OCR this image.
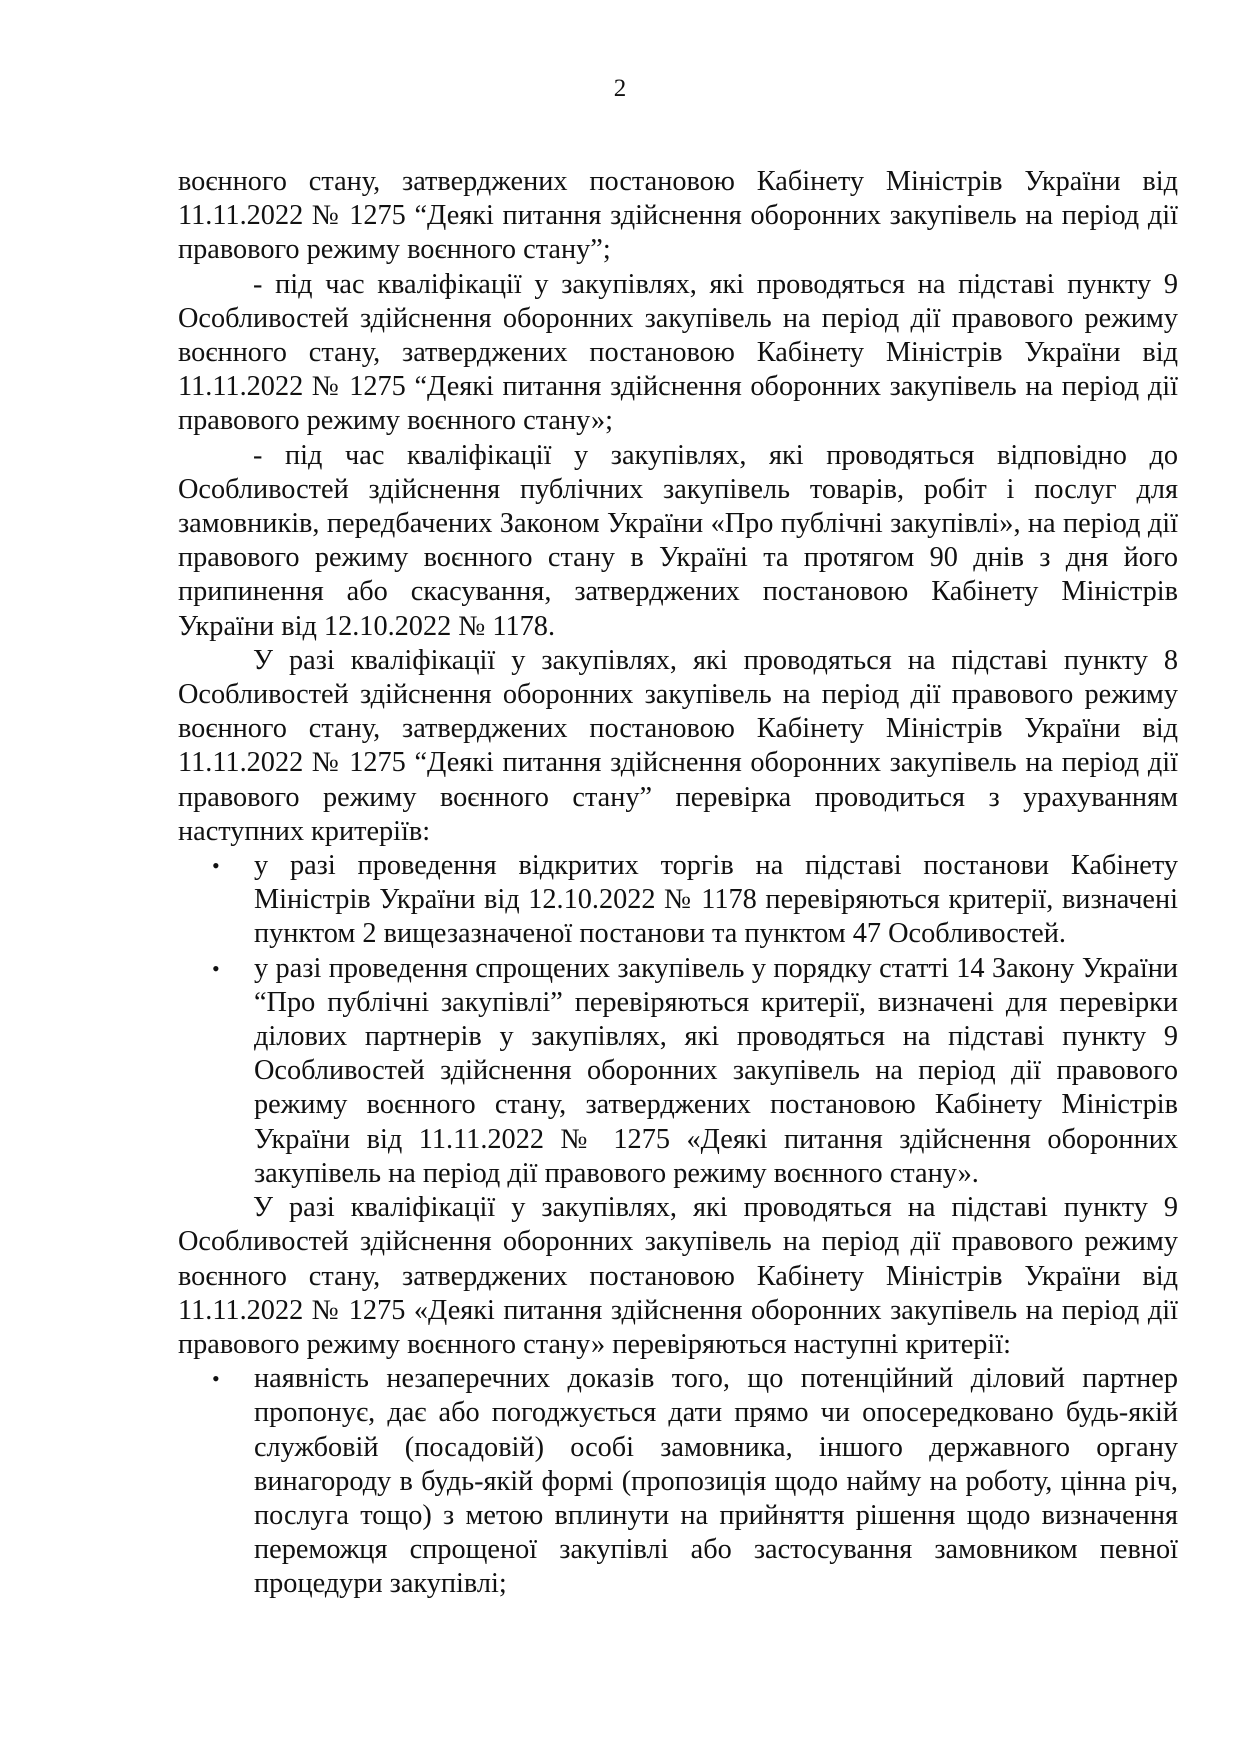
2

воєнного стану, затверджених постановою Кабінету Міністрів України від 11.11.2022 № 1275 “Деякі питання здійснення оборонних закупівель на період дії правового режиму воєнного стану”;

- під час кваліфікації у закупівлях, які проводяться на підставі пункту 9 Особливостей здійснення оборонних закупівель на період дії правового режиму воєнного стану, затверджених постановою Кабінету Міністрів України від 11.11.2022 № 1275 “Деякі питання здійснення оборонних закупівель на період дії правового режиму воєнного стану»;

- під час кваліфікації у закупівлях, які проводяться відповідно до Особливостей здійснення публічних закупівель товарів, робіт і послуг для замовників, передбачених Законом України «Про публічні закупівлі», на період дії правового режиму воєнного стану в Україні та протягом 90 днів з дня його припинення або скасування, затверджених постановою Кабінету Міністрів України від 12.10.2022 № 1178.

У разі кваліфікації у закупівлях, які проводяться на підставі пункту 8 Особливостей здійснення оборонних закупівель на період дії правового режиму воєнного стану, затверджених постановою Кабінету Міністрів України від 11.11.2022 № 1275 “Деякі питання здійснення оборонних закупівель на період дії правового режиму воєнного стану” перевірка проводиться з урахуванням наступних критеріїв:

• у разі проведення відкритих торгів на підставі постанови Кабінету Міністрів України від 12.10.2022 № 1178 перевіряються критерії, визначені пунктом 2 вищезазначеної постанови та пунктом 47 Особливостей.
• у разі проведення спрощених закупівель у порядку статті 14 Закону України “Про публічні закупівлі” перевіряються критерії, визначені для перевірки ділових партнерів у закупівлях, які проводяться на підставі пункту 9 Особливостей здійснення оборонних закупівель на період дії правового режиму воєнного стану, затверджених постановою Кабінету Міністрів України від 11.11.2022 № 1275 «Деякі питання здійснення оборонних закупівель на період дії правового режиму воєнного стану».

У разі кваліфікації у закупівлях, які проводяться на підставі пункту 9 Особливостей здійснення оборонних закупівель на період дії правового режиму воєнного стану, затверджених постановою Кабінету Міністрів України від 11.11.2022 № 1275 «Деякі питання здійснення оборонних закупівель на період дії правового режиму воєнного стану» перевіряються наступні критерії:

• наявність незаперечних доказів того, що потенційний діловий партнер пропонує, дає або погоджується дати прямо чи опосередковано будь-якій службовій (посадовій) особі замовника, іншого державного органу винагороду в будь-якій формі (пропозиція щодо найму на роботу, цінна річ, послуга тощо) з метою вплинути на прийняття рішення щодо визначення переможця спрощеної закупівлі або застосування замовником певної процедури закупівлі;
